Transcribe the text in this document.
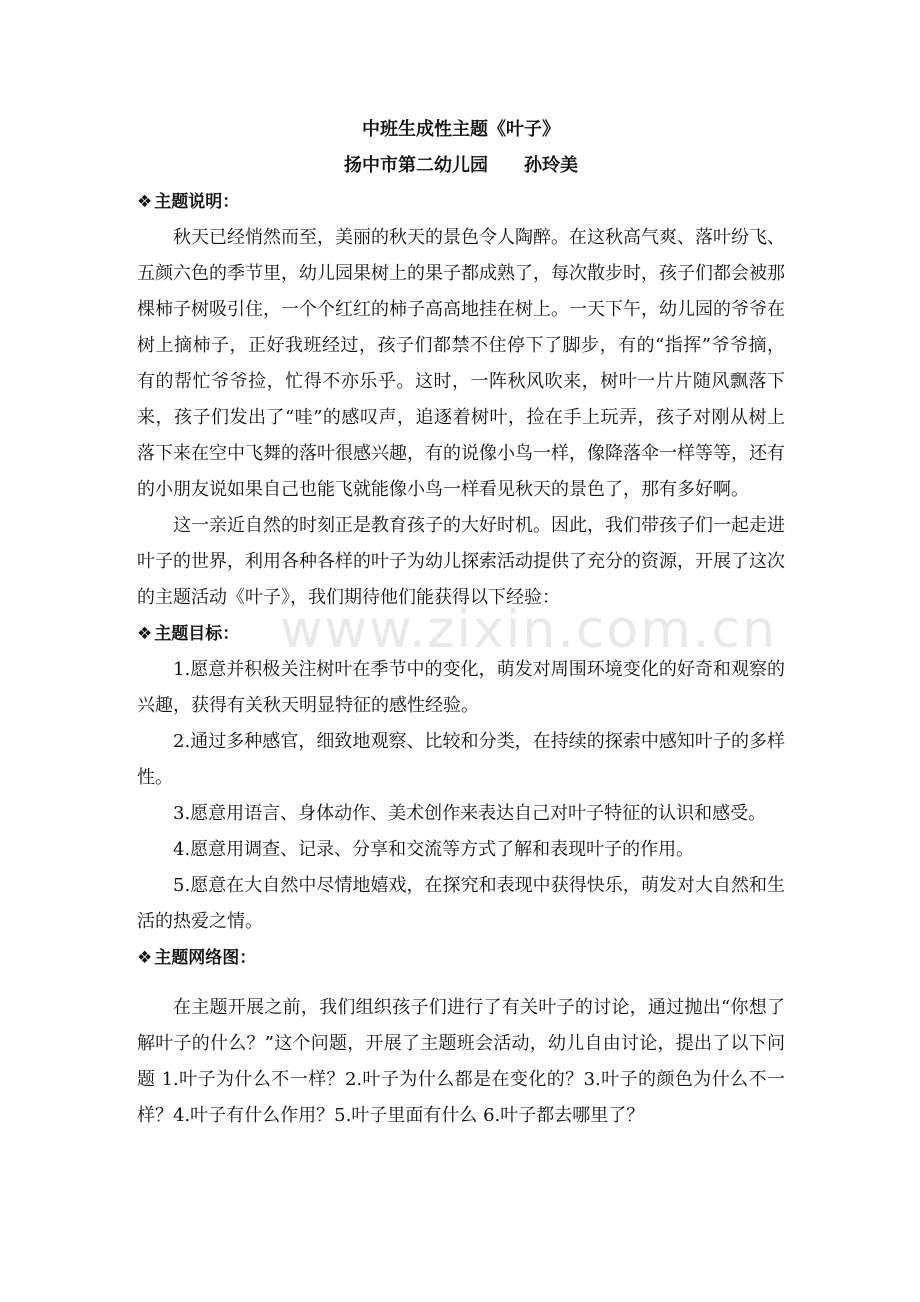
www.zixin.com.cn

中班生成性主题《叶子》

扬中市第二幼儿园　　孙玲美

❖ 主题说明：

秋天已经悄然而至，美丽的秋天的景色令人陶醉。在这秋高气爽、落叶纷飞、五颜六色的季节里，幼儿园果树上的果子都成熟了，每次散步时，孩子们都会被那棵柿子树吸引住，一个个红红的柿子高高地挂在树上。一天下午，幼儿园的爷爷在树上摘柿子，正好我班经过，孩子们都禁不住停下了脚步，有的“指挥”爷爷摘，有的帮忙爷爷捡，忙得不亦乐乎。这时，一阵秋风吹来，树叶一片片随风飘落下来，孩子们发出了“哇”的感叹声，追逐着树叶，捡在手上玩弄，孩子对刚从树上落下来在空中飞舞的落叶很感兴趣，有的说像小鸟一样，像降落伞一样等等，还有的小朋友说如果自己也能飞就能像小鸟一样看见秋天的景色了，那有多好啊。

这一亲近自然的时刻正是教育孩子的大好时机。因此，我们带孩子们一起走进叶子的世界，利用各种各样的叶子为幼儿探索活动提供了充分的资源，开展了这次的主题活动《叶子》，我们期待他们能获得以下经验：

❖ 主题目标：

1.愿意并积极关注树叶在季节中的变化，萌发对周围环境变化的好奇和观察的兴趣，获得有关秋天明显特征的感性经验。

2.通过多种感官，细致地观察、比较和分类，在持续的探索中感知叶子的多样性。

3.愿意用语言、身体动作、美术创作来表达自己对叶子特征的认识和感受。

4.愿意用调查、记录、分享和交流等方式了解和表现叶子的作用。

5.愿意在大自然中尽情地嬉戏，在探究和表现中获得快乐，萌发对大自然和生活的热爱之情。

❖ 主题网络图：

在主题开展之前，我们组织孩子们进行了有关叶子的讨论，通过抛出“你想了解叶子的什么？”这个问题，开展了主题班会活动，幼儿自由讨论，提出了以下问题 1.叶子为什么不一样？2.叶子为什么都是在变化的？3.叶子的颜色为什么不一样？4.叶子有什么作用？5.叶子里面有什么 6.叶子都去哪里了？
